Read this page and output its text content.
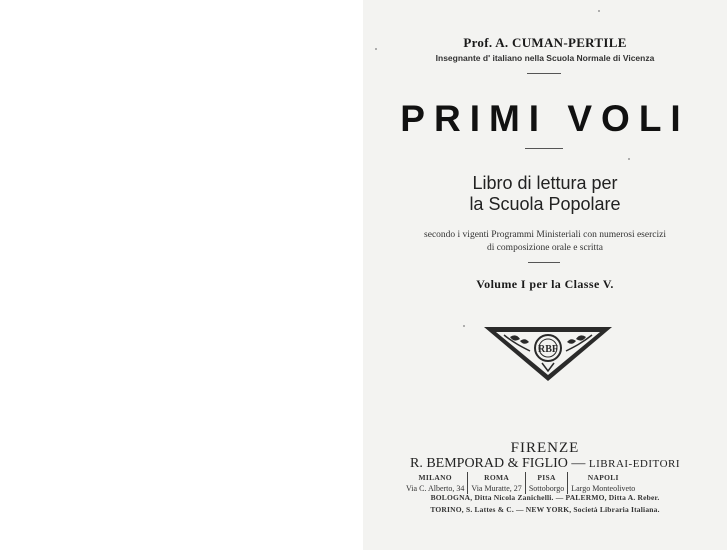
Prof. A. CUMAN-PERTILE
Insegnante d' italiano nella Scuola Normale di Vicenza
PRIMI VOLI
Libro di lettura per
la Scuola Popolare
secondo i vigenti Programmi Ministeriali con numerosi esercizi
di composizione orale e scritta
Volume I per la Classe V.
RBF
FIRENZE
R. BEMPORAD & FIGLIO — LIBRAI-EDITORI
MILANO
Via C. Alberto, 34
ROMA
Via Muratte, 27
PISA
Sottoborgo
NAPOLI
Largo Monteoliveto
BOLOGNA, Ditta Nicola Zanichelli. — PALERMO, Ditta A. Reber.
TORINO, S. Lattes & C. — NEW YORK, Società Libraria Italiana.
